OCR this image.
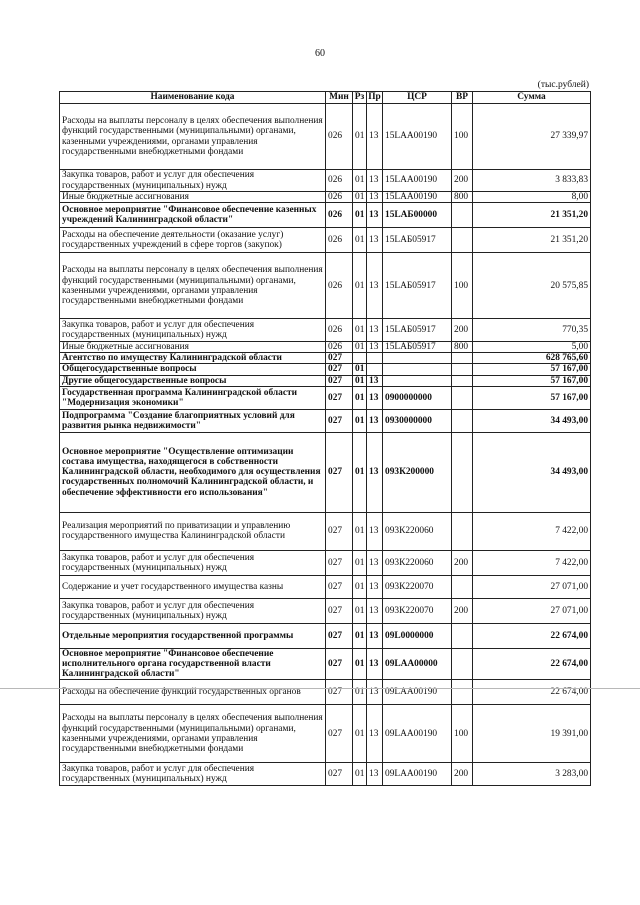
60
(тыс.рублей)
Наименование кода	Мин	Рз	Пр	ЦСР	ВР	Сумма
Расходы на выплаты персоналу в целях обеспечения выполнения функций государственными (муниципальными) органами, казенными учреждениями, органами управления государственными внебюджетными фондами	026	01	13	15LAA00190	100	27 339,97
Закупка товаров, работ и услуг для обеспечения государственных (муниципальных) нужд	026	01	13	15LAA00190	200	3 833,83
Иные бюджетные ассигнования	026	01	13	15LAA00190	800	8,00
Основное мероприятие "Финансовое обеспечение казенных учреждений Калининградской области"	026	01	13	15LAБ00000		21 351,20
Расходы на обеспечение деятельности (оказание услуг) государственных учреждений в сфере торгов (закупок)	026	01	13	15LAБ05917		21 351,20
Расходы на выплаты персоналу в целях обеспечения выполнения функций государственными (муниципальными) органами, казенными учреждениями, органами управления государственными внебюджетными фондами	026	01	13	15LAБ05917	100	20 575,85
Закупка товаров, работ и услуг для обеспечения государственных (муниципальных) нужд	026	01	13	15LAБ05917	200	770,35
Иные бюджетные ассигнования	026	01	13	15LAБ05917	800	5,00
Агентство по имуществу Калининградской области	027					628 765,60
Общегосударственные вопросы	027	01				57 167,00
Другие общегосударственные вопросы	027	01	13			57 167,00
Государственная программа Калининградской области "Модернизация экономики"	027	01	13	0900000000		57 167,00
Подпрограмма "Создание благоприятных условий для развития рынка недвижимости"	027	01	13	0930000000		34 493,00
Основное мероприятие "Осуществление оптимизации состава имущества, находящегося в собственности Калининградской области, необходимого для осуществления государственных полномочий Калининградской области, и обеспечение эффективности его использования"	027	01	13	093К200000		34 493,00
Реализация мероприятий по приватизации и управлению государственного имущества Калининградской области	027	01	13	093К220060		7 422,00
Закупка товаров, работ и услуг для обеспечения государственных (муниципальных) нужд	027	01	13	093К220060	200	7 422,00
Содержание и учет государственного имущества казны	027	01	13	093К220070		27 071,00
Закупка товаров, работ и услуг для обеспечения государственных (муниципальных) нужд	027	01	13	093К220070	200	27 071,00
Отдельные мероприятия государственной программы	027	01	13	09L0000000		22 674,00
Основное мероприятие "Финансовое обеспечение исполнительного органа государственной власти Калининградской области"	027	01	13	09LAA00000		22 674,00
Расходы на обеспечение функций государственных органов	027	01	13	09LAA00190		22 674,00
Расходы на выплаты персоналу в целях обеспечения выполнения функций государственными (муниципальными) органами, казенными учреждениями, органами управления государственными внебюджетными фондами	027	01	13	09LAA00190	100	19 391,00
Закупка товаров, работ и услуг для обеспечения государственных (муниципальных) нужд	027	01	13	09LAA00190	200	3 283,00
